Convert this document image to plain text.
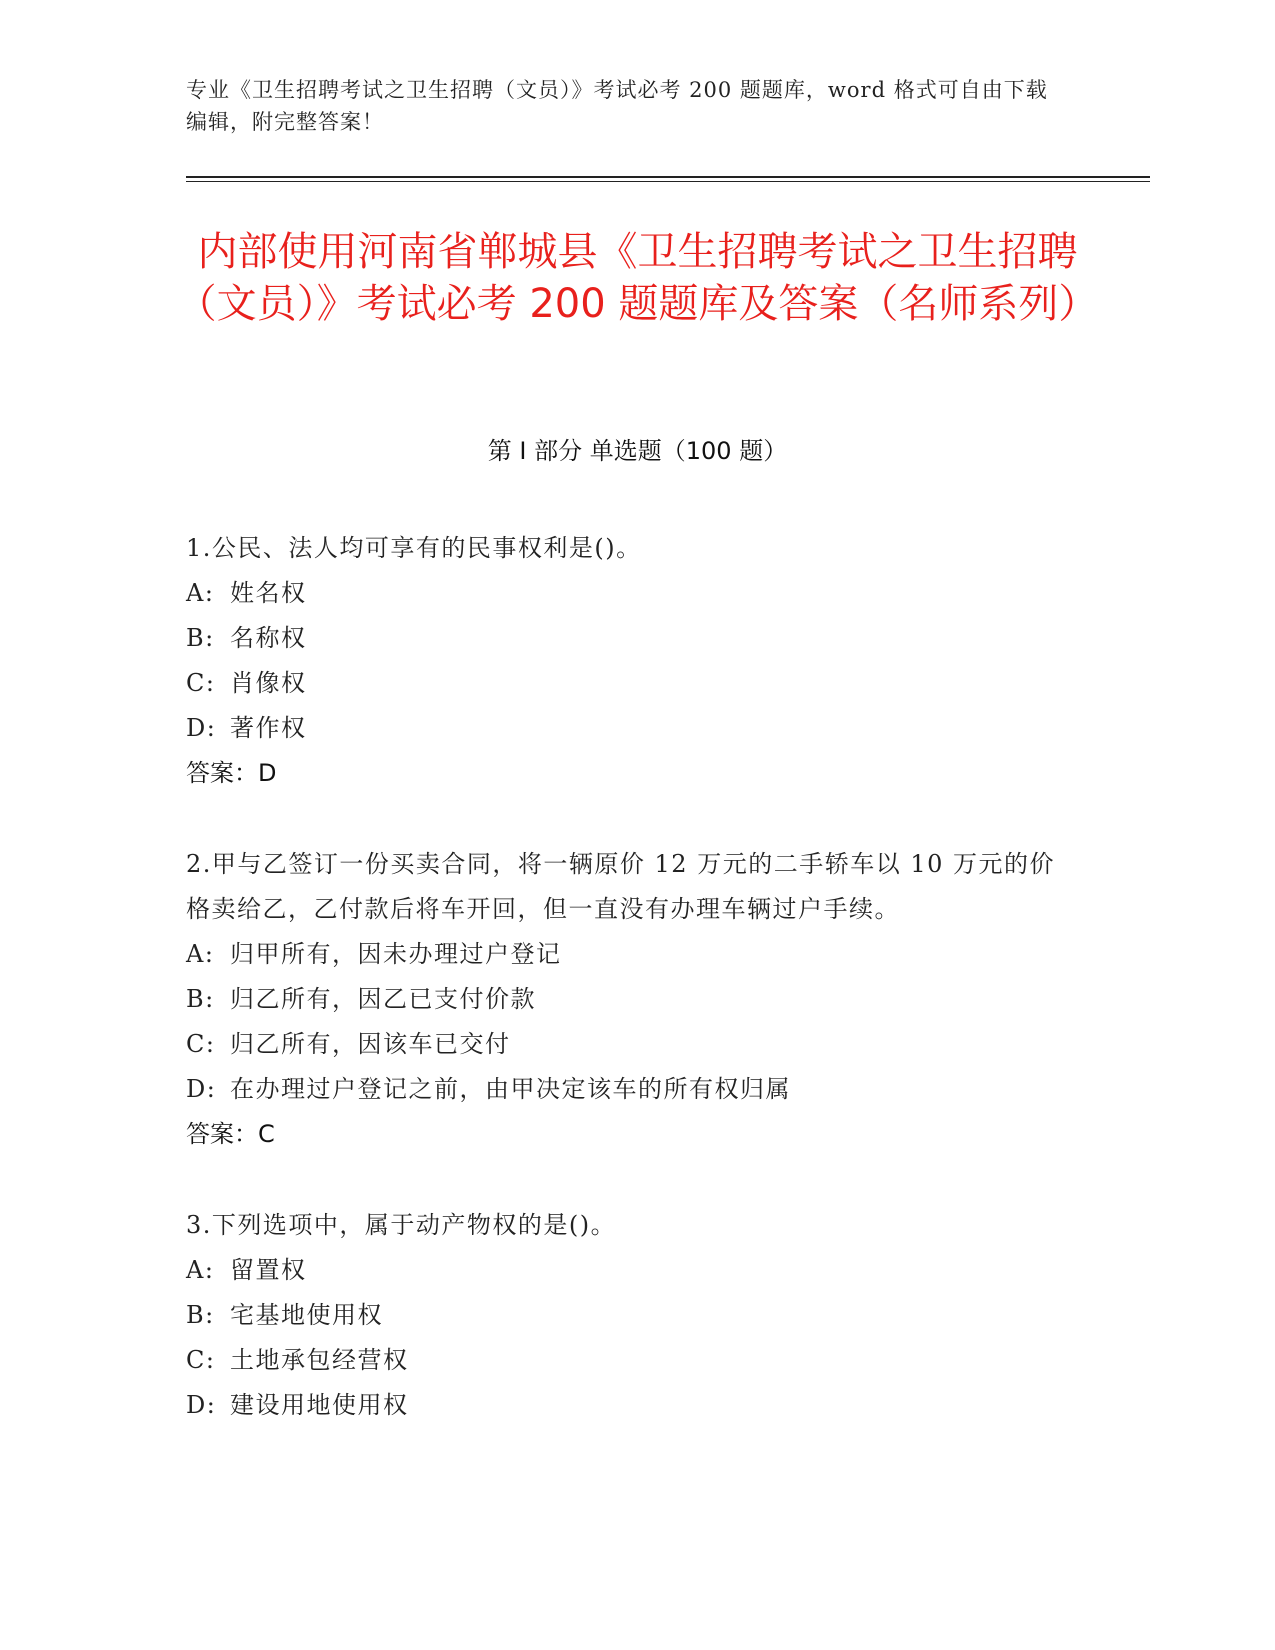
专业《卫生招聘考试之卫生招聘（文员）》考试必考 200 题题库，word 格式可自由下载编辑，附完整答案！
内部使用河南省郸城县《卫生招聘考试之卫生招聘（文员）》考试必考 200 题题库及答案（名师系列）
第 I 部分 单选题（100 题）
1.公民、法人均可享有的民事权利是()。
A: 姓名权
B: 名称权
C: 肖像权
D: 著作权
答案：D
2.甲与乙签订一份买卖合同，将一辆原价 12 万元的二手轿车以 10 万元的价格卖给乙，乙付款后将车开回，但一直没有办理车辆过户手续。
A: 归甲所有，因未办理过户登记
B: 归乙所有，因乙已支付价款
C: 归乙所有，因该车已交付
D: 在办理过户登记之前，由甲决定该车的所有权归属
答案：C
3.下列选项中，属于动产物权的是()。
A: 留置权
B: 宅基地使用权
C: 土地承包经营权
D: 建设用地使用权
